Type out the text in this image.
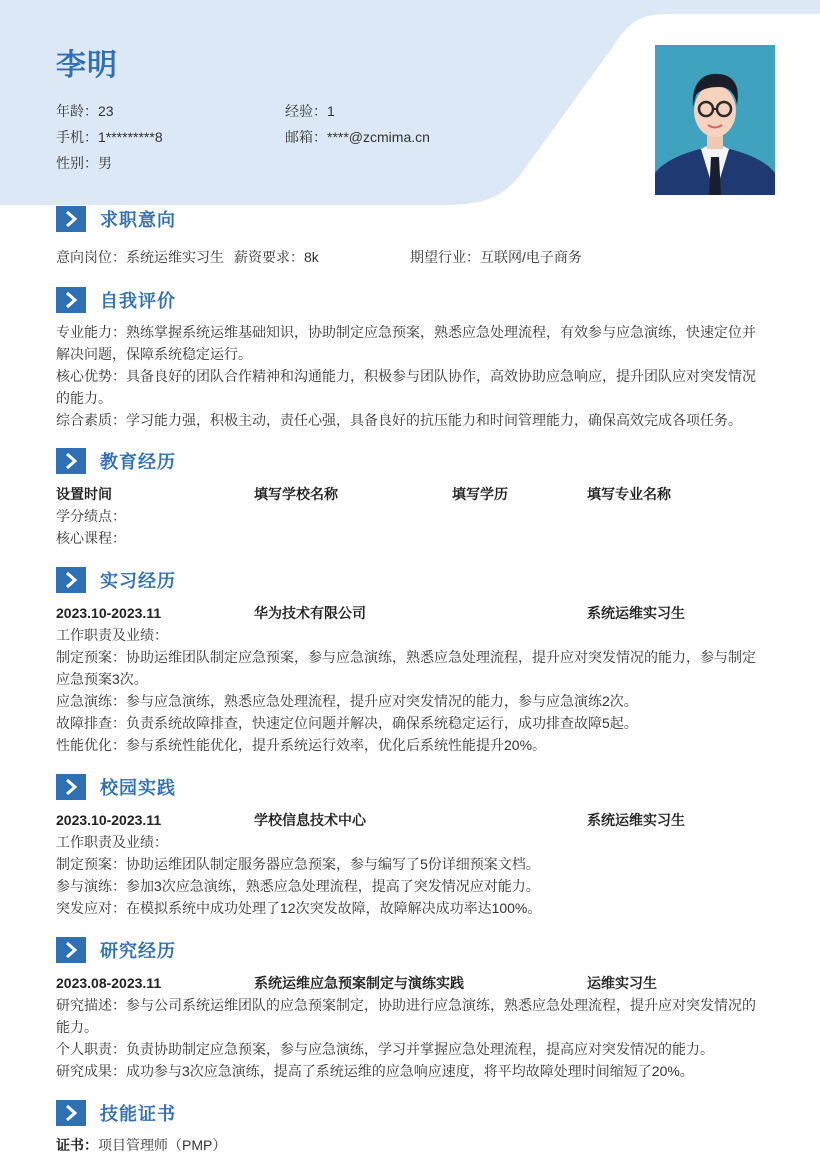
李明
年龄：23	经验：1
手机：1*********8	邮箱：****@zcmima.cn
性别：男
求职意向
意向岗位：系统运维实习生 薪资要求：8k	期望行业：互联网/电子商务
自我评价
专业能力：熟练掌握系统运维基础知识，协助制定应急预案，熟悉应急处理流程，有效参与应急演练，快速定位并
解决问题，保障系统稳定运行。
核心优势：具备良好的团队合作精神和沟通能力，积极参与团队协作，高效协助应急响应，提升团队应对突发情况
的能力。
综合素质：学习能力强，积极主动，责任心强，具备良好的抗压能力和时间管理能力，确保高效完成各项任务。
教育经历
设置时间	填写学校名称	填写学历	填写专业名称
学分绩点：
核心课程：
实习经历
2023.10-2023.11	华为技术有限公司	系统运维实习生
工作职责及业绩：
制定预案：协助运维团队制定应急预案，参与应急演练，熟悉应急处理流程，提升应对突发情况的能力，参与制定
应急预案3次。
应急演练：参与应急演练，熟悉应急处理流程，提升应对突发情况的能力，参与应急演练2次。
故障排查：负责系统故障排查，快速定位问题并解决，确保系统稳定运行，成功排查故障5起。
性能优化：参与系统性能优化，提升系统运行效率，优化后系统性能提升20%。
校园实践
2023.10-2023.11	学校信息技术中心	系统运维实习生
工作职责及业绩：
制定预案：协助运维团队制定服务器应急预案，参与编写了5份详细预案文档。
参与演练：参加3次应急演练，熟悉应急处理流程，提高了突发情况应对能力。
突发应对：在模拟系统中成功处理了12次突发故障，故障解决成功率达100%。
研究经历
2023.08-2023.11	系统运维应急预案制定与演练实践	运维实习生
研究描述：参与公司系统运维团队的应急预案制定，协助进行应急演练，熟悉应急处理流程，提升应对突发情况的
能力。
个人职责：负责协助制定应急预案，参与应急演练，学习并掌握应急处理流程，提高应对突发情况的能力。
研究成果：成功参与3次应急演练，提高了系统运维的应急响应速度，将平均故障处理时间缩短了20%。
技能证书
证书：项目管理师（PMP）
